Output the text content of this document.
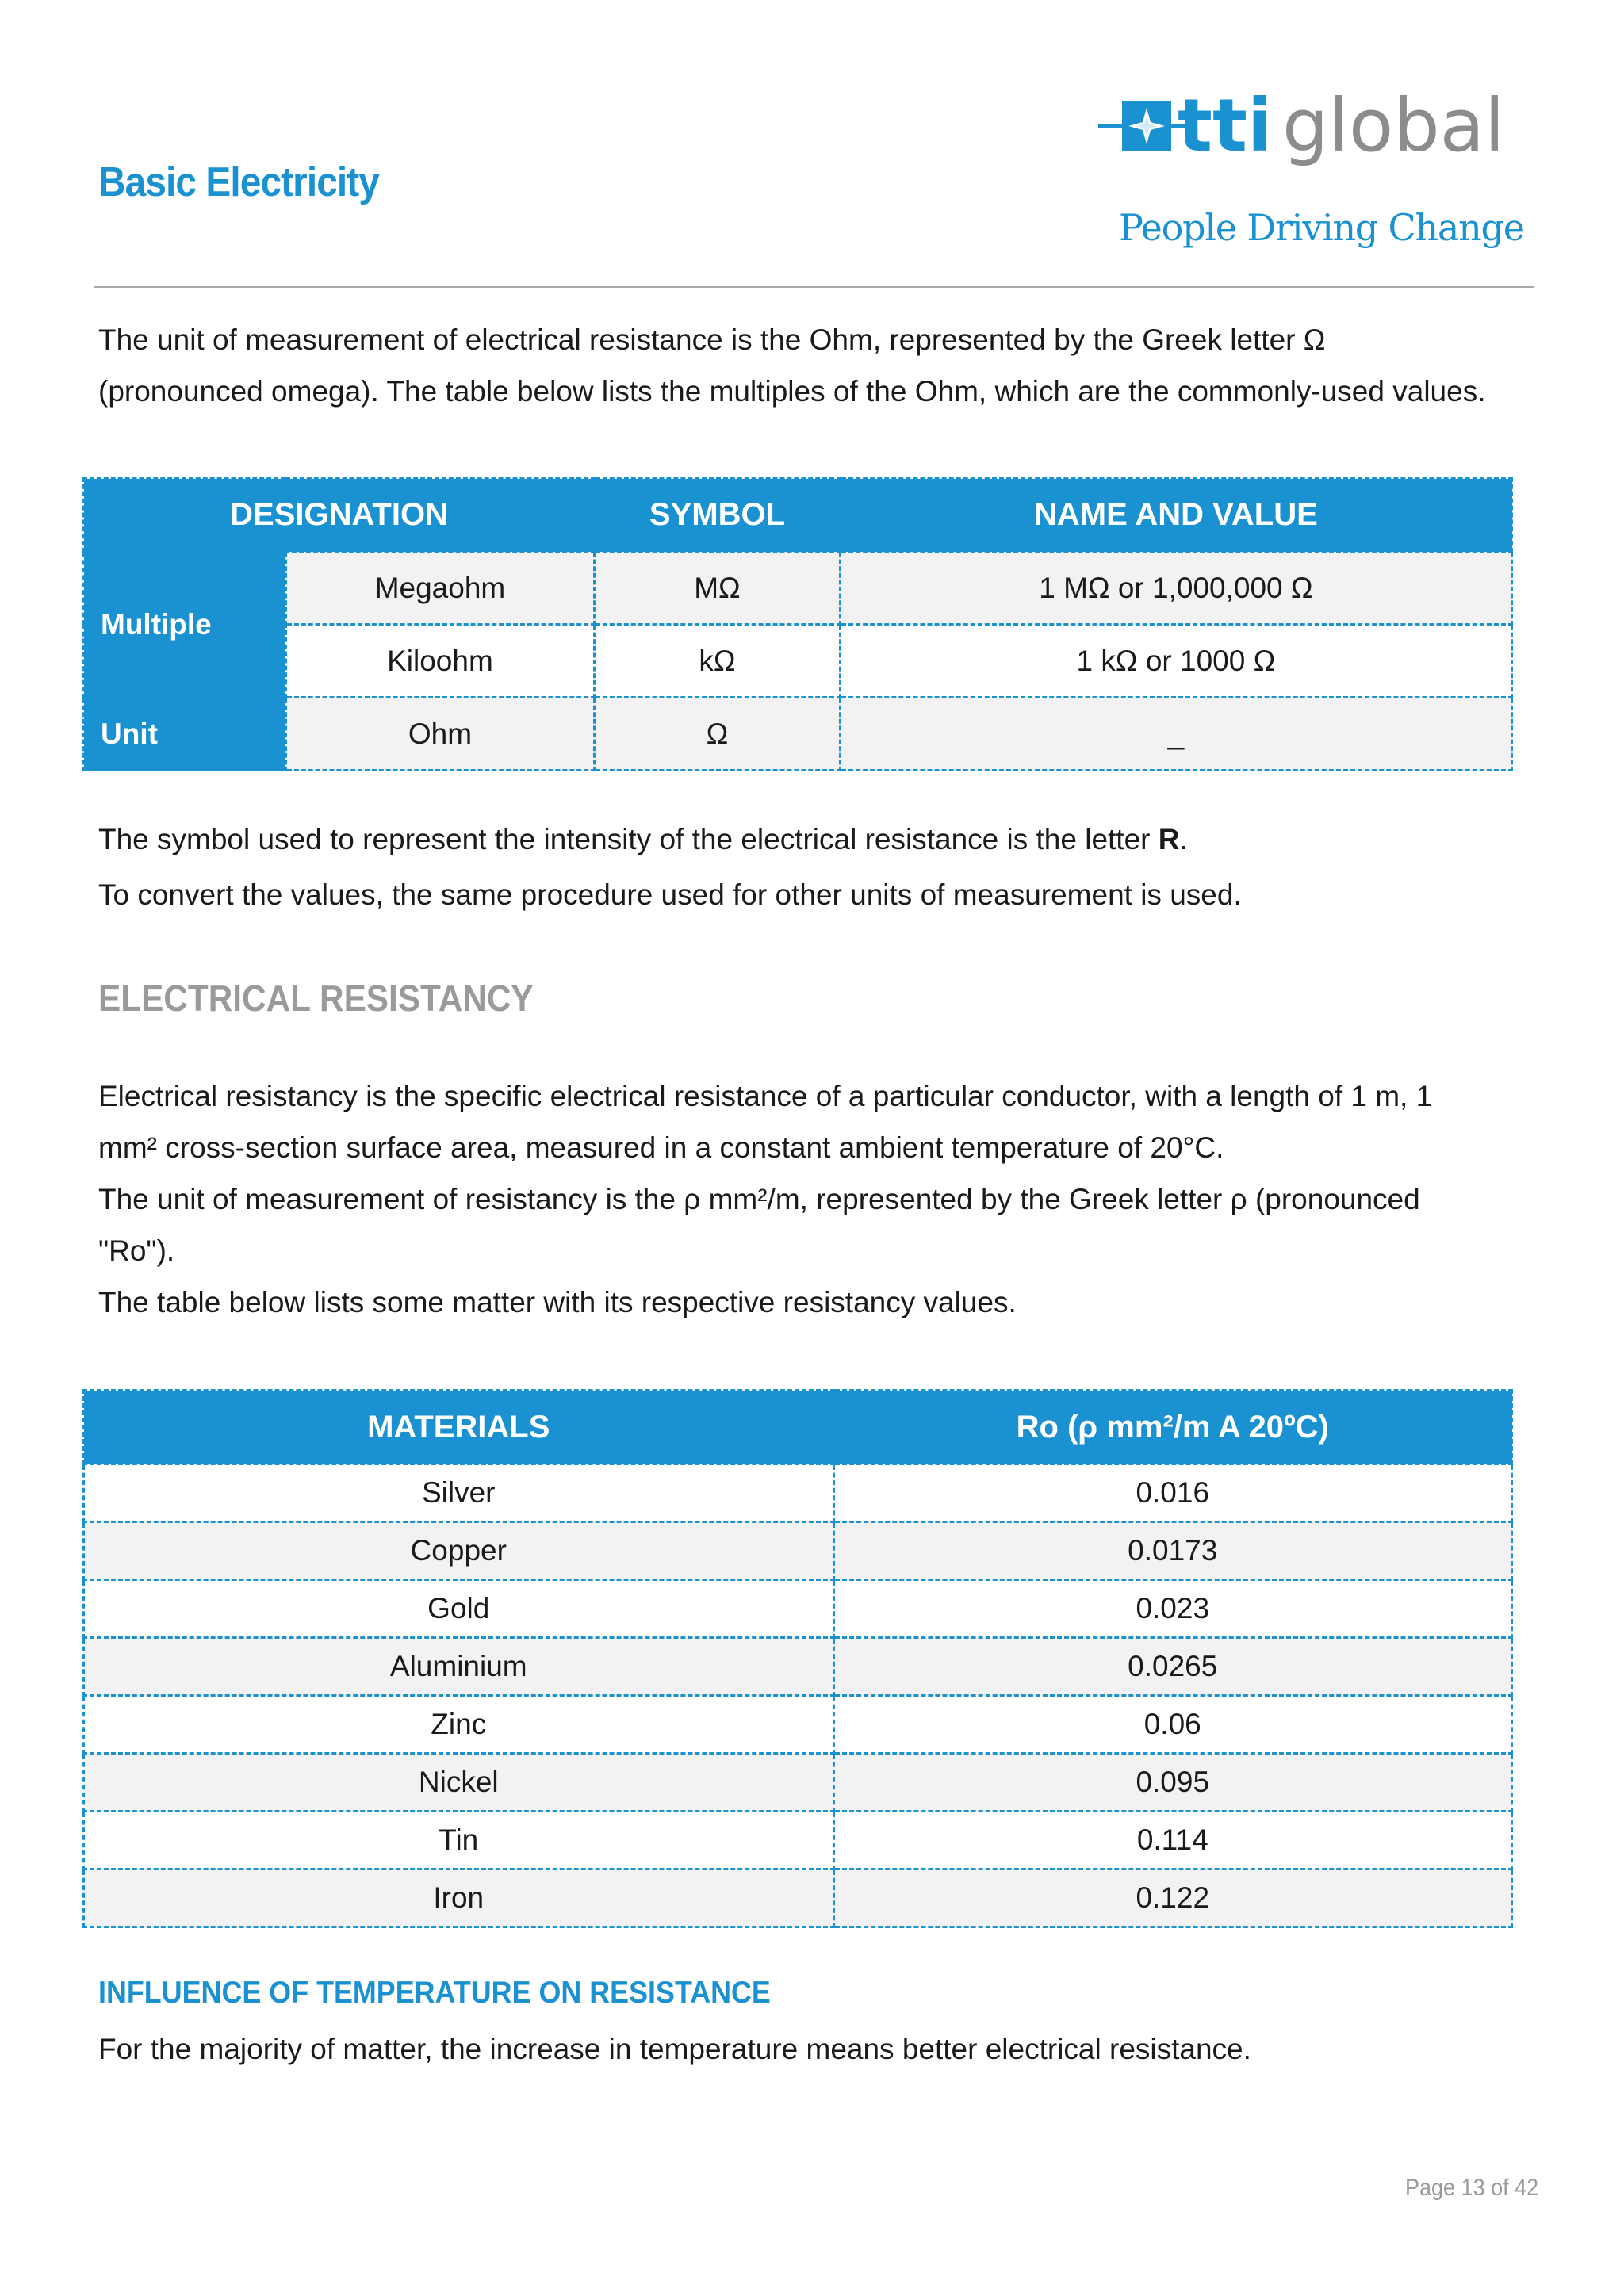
Basic Electricity
tti global
People Driving Change

The unit of measurement of electrical resistance is the Ohm, represented by the Greek letter Ω

(pronounced omega). The table below lists the multiples of the Ohm, which are the commonly-used values.

DESIGNATION		SYMBOL	NAME AND VALUE
Multiple	Megaohm	MΩ	1 MΩ or 1,000,000 Ω
	Kiloohm	kΩ	1 kΩ or 1000 Ω
Unit	Ohm	Ω	_

The symbol used to represent the intensity of the electrical resistance is the letter R.

To convert the values, the same procedure used for other units of measurement is used.

ELECTRICAL RESISTANCY

Electrical resistancy is the specific electrical resistance of a particular conductor, with a length of 1 m, 1

mm² cross-section surface area, measured in a constant ambient temperature of 20°C.

The unit of measurement of resistancy is the ρ mm²/m, represented by the Greek letter ρ (pronounced

"Ro").

The table below lists some matter with its respective resistancy values.

MATERIALS	Ro (ρ mm²/m A 20ºC)
Silver	0.016
Copper	0.0173
Gold	0.023
Aluminium	0.0265
Zinc	0.06
Nickel	0.095
Tin	0.114
Iron	0.122
INFLUENCE OF TEMPERATURE ON RESISTANCE

For the majority of matter, the increase in temperature means better electrical resistance.

Page 13 of 42
